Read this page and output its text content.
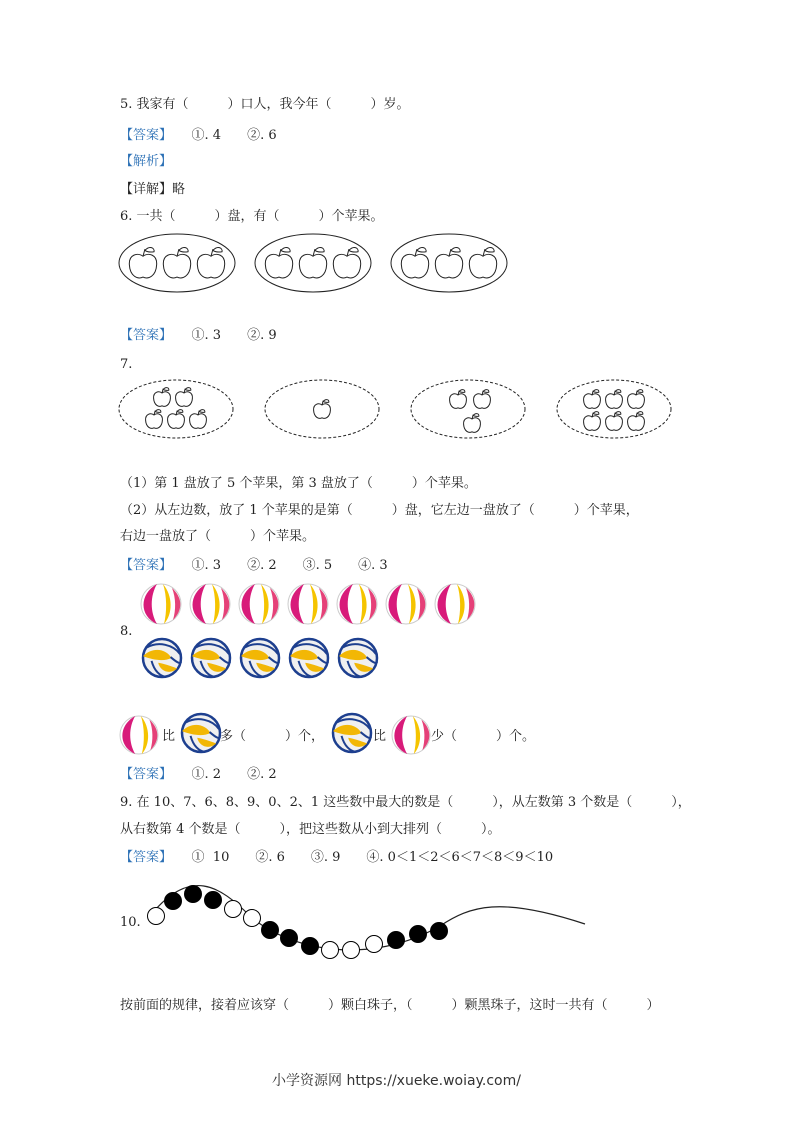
5. 我家有（　　　）口人，我今年（　　　）岁。
【答案】　　 ①. 4　　②. 6
【解析】
【详解】略
6. 一共（　　　）盘，有（　　　）个苹果。
【答案】　　 ①. 3　　②. 9
7.
（1）第 1 盘放了 5 个苹果，第 3 盘放了（　　　）个苹果。
（2）从左边数，放了 1 个苹果的是第（　　　）盘，它左边一盘放了（　　　）个苹果，
右边一盘放了（　　　）个苹果。
【答案】　　 ①. 3　　②. 2　　③. 5　　④. 3
8.
比	多（　　　）个，	比	少（　　　）个。
【答案】　　 ①. 2　　②. 2
9. 在 10、7、6、8、9、0、2、1 这些数中最大的数是（　　　），从左数第 3 个数是（　　　），
从右数第 4 个数是（　　　），把这些数从小到大排列（　　　）。
【答案】　　 ①  10　　②. 6　　③. 9　　④. 0＜1＜2＜6＜7＜8＜9＜10
10.
按前面的规律，接着应该穿（　　　）颗白珠子，（　　　）颗黑珠子，这时一共有（　　　）
小学资源网 https://xueke.woiay.com/
